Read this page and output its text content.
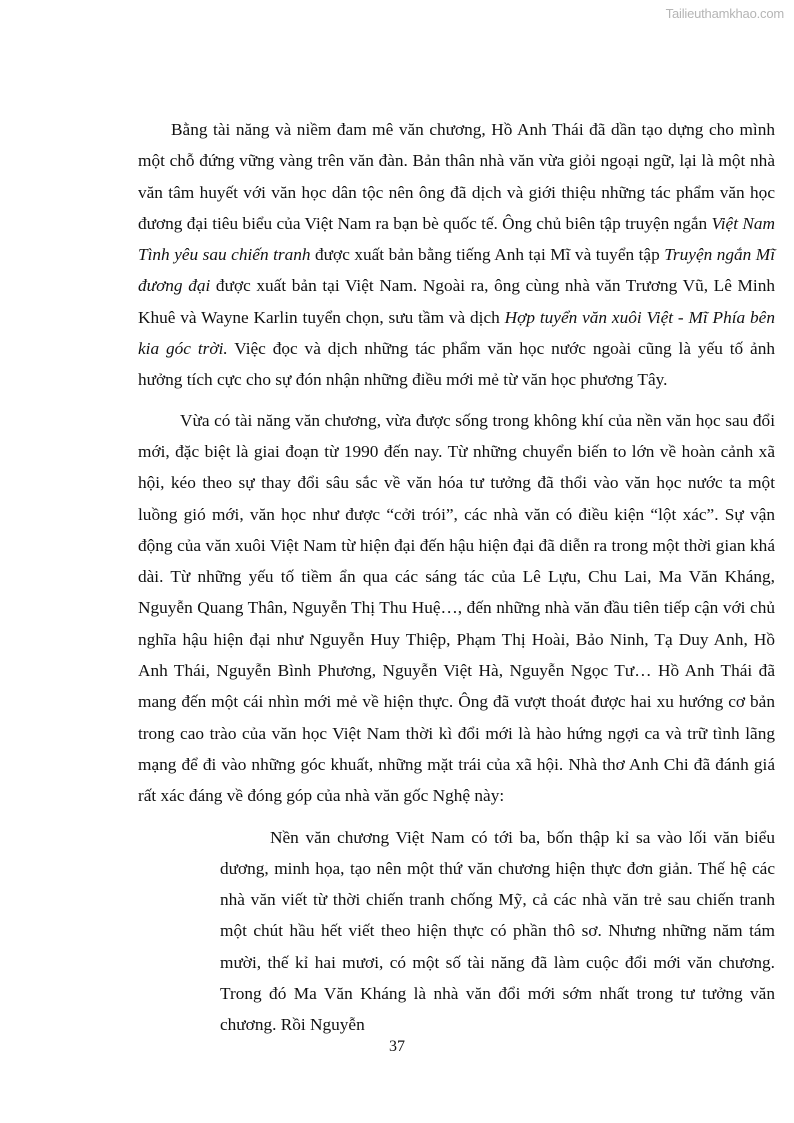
Tailieuthamkhao.com

Bằng tài năng và niềm đam mê văn chương, Hồ Anh Thái đã dần tạo dựng cho mình một chỗ đứng vững vàng trên văn đàn. Bản thân nhà văn vừa giỏi ngoại ngữ, lại là một nhà văn tâm huyết với văn học dân tộc nên ông đã dịch và giới thiệu những tác phẩm văn học đương đại tiêu biểu của Việt Nam ra bạn bè quốc tế. Ông chủ biên tập truyện ngắn Việt Nam Tình yêu sau chiến tranh được xuất bản bằng tiếng Anh tại Mĩ và tuyển tập Truyện ngắn Mĩ đương đại được xuất bản tại Việt Nam. Ngoài ra, ông cùng nhà văn Trương Vũ, Lê Minh Khuê và Wayne Karlin tuyển chọn, sưu tầm và dịch Hợp tuyển văn xuôi Việt - Mĩ Phía bên kia góc trời. Việc đọc và dịch những tác phẩm văn học nước ngoài cũng là yếu tố ảnh hưởng tích cực cho sự đón nhận những điều mới mẻ từ văn học phương Tây.

Vừa có tài năng văn chương, vừa được sống trong không khí của nền văn học sau đổi mới, đặc biệt là giai đoạn từ 1990 đến nay. Từ những chuyển biến to lớn về hoàn cảnh xã hội, kéo theo sự thay đổi sâu sắc về văn hóa tư tưởng đã thổi vào văn học nước ta một luồng gió mới, văn học như được “cởi trói”, các nhà văn có điều kiện “lột xác”. Sự vận động của văn xuôi Việt Nam từ hiện đại đến hậu hiện đại đã diễn ra trong một thời gian khá dài. Từ những yếu tố tiềm ẩn qua các sáng tác của Lê Lựu, Chu Lai, Ma Văn Kháng, Nguyễn Quang Thân, Nguyễn Thị Thu Huệ…, đến những nhà văn đầu tiên tiếp cận với chủ nghĩa hậu hiện đại như Nguyễn Huy Thiệp, Phạm Thị Hoài, Bảo Ninh, Tạ Duy Anh, Hồ Anh Thái, Nguyễn Bình Phương, Nguyễn Việt Hà, Nguyễn Ngọc Tư… Hồ Anh Thái đã mang đến một cái nhìn mới mẻ về hiện thực. Ông đã vượt thoát được hai xu hướng cơ bản trong cao trào của văn học Việt Nam thời kì đổi mới là hào hứng ngợi ca và trữ tình lãng mạng để đi vào những góc khuất, những mặt trái của xã hội. Nhà thơ Anh Chi đã đánh giá rất xác đáng về đóng góp của nhà văn gốc Nghệ này:

Nền văn chương Việt Nam có tới ba, bốn thập kỉ sa vào lối văn biểu dương, minh họa, tạo nên một thứ văn chương hiện thực đơn giản. Thế hệ các nhà văn viết từ thời chiến tranh chống Mỹ, cả các nhà văn trẻ sau chiến tranh một chút hầu hết viết theo hiện thực có phần thô sơ. Nhưng những năm tám mười, thế kỉ hai mươi, có một số tài năng đã làm cuộc đổi mới văn chương. Trong đó Ma Văn Kháng là nhà văn đổi mới sớm nhất trong tư tưởng văn chương. Rồi Nguyễn

37
